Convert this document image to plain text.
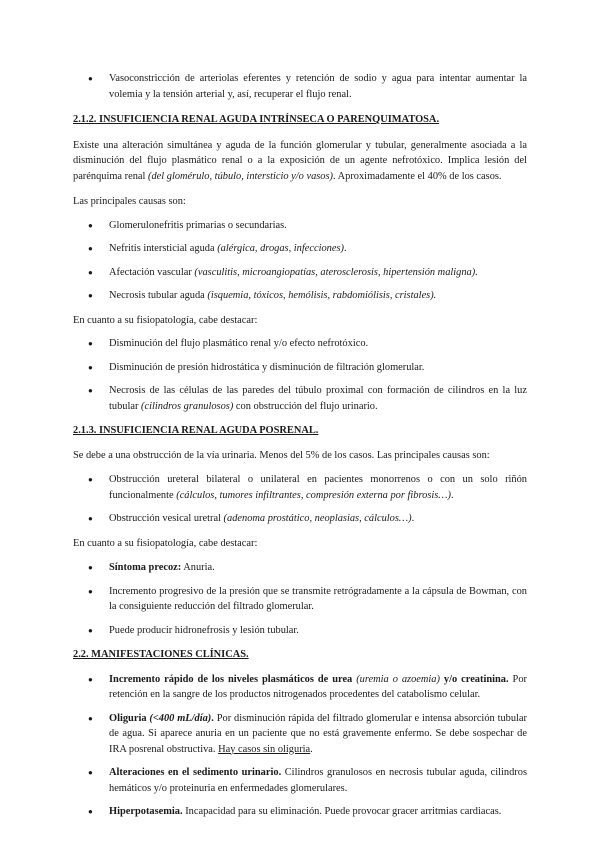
● Vasoconstricción de arteriolas eferentes y retención de sodio y agua para intentar aumentar la volemia y la tensión arterial y, así, recuperar el flujo renal.

2.1.2. INSUFICIENCIA RENAL AGUDA INTRÍNSECA O PARENQUIMATOSA.

Existe una alteración simultánea y aguda de la función glomerular y tubular, generalmente asociada a la disminución del flujo plasmático renal o a la exposición de un agente nefrotóxico. Implica lesión del parénquima renal (del glomérulo, túbulo, intersticio y/o vasos). Aproximadamente el 40% de los casos.

Las principales causas son:

● Glomerulonefritis primarias o secundarias.
● Nefritis intersticial aguda (alérgica, drogas, infecciones).
● Afectación vascular (vasculitis, microangiopatías, aterosclerosis, hipertensión maligna).
● Necrosis tubular aguda (isquemia, tóxicos, hemólisis, rabdomiólisis, cristales).

En cuanto a su fisiopatología, cabe destacar:

● Disminución del flujo plasmático renal y/o efecto nefrotóxico.
● Disminución de presión hidrostática y disminución de filtración glomerular.
● Necrosis de las células de las paredes del túbulo proximal con formación de cilindros en la luz tubular (cilindros granulosos) con obstrucción del flujo urinario.

2.1.3. INSUFICIENCIA RENAL AGUDA POSRENAL.

Se debe a una obstrucción de la vía urinaria. Menos del 5% de los casos. Las principales causas son:

● Obstrucción ureteral bilateral o unilateral en pacientes monorrenos o con un solo riñón funcionalmente (cálculos, tumores infiltrantes, compresión externa por fibrosis…).
● Obstrucción vesical uretral (adenoma prostático, neoplasias, cálculos…).

En cuanto a su fisiopatología, cabe destacar:

● Síntoma precoz: Anuria.
● Incremento progresivo de la presión que se transmite retrógradamente a la cápsula de Bowman, con la consiguiente reducción del filtrado glomerular.
● Puede producir hidronefrosis y lesión tubular.

2.2. MANIFESTACIONES CLÍNICAS.

● Incremento rápido de los niveles plasmáticos de urea (uremia o azoemia) y/o creatinina. Por retención en la sangre de los productos nitrogenados procedentes del catabolismo celular.
● Oliguria (<400 mL/día). Por disminución rápida del filtrado glomerular e intensa absorción tubular de agua. Si aparece anuria en un paciente que no está gravemente enfermo. Se debe sospechar de IRA posrenal obstructiva. Hay casos sin oliguria.
● Alteraciones en el sedimento urinario. Cilindros granulosos en necrosis tubular aguda, cilindros hemáticos y/o proteinuria en enfermedades glomerulares.
● Hiperpotasemia. Incapacidad para su eliminación. Puede provocar gracer arritmias cardiacas.
